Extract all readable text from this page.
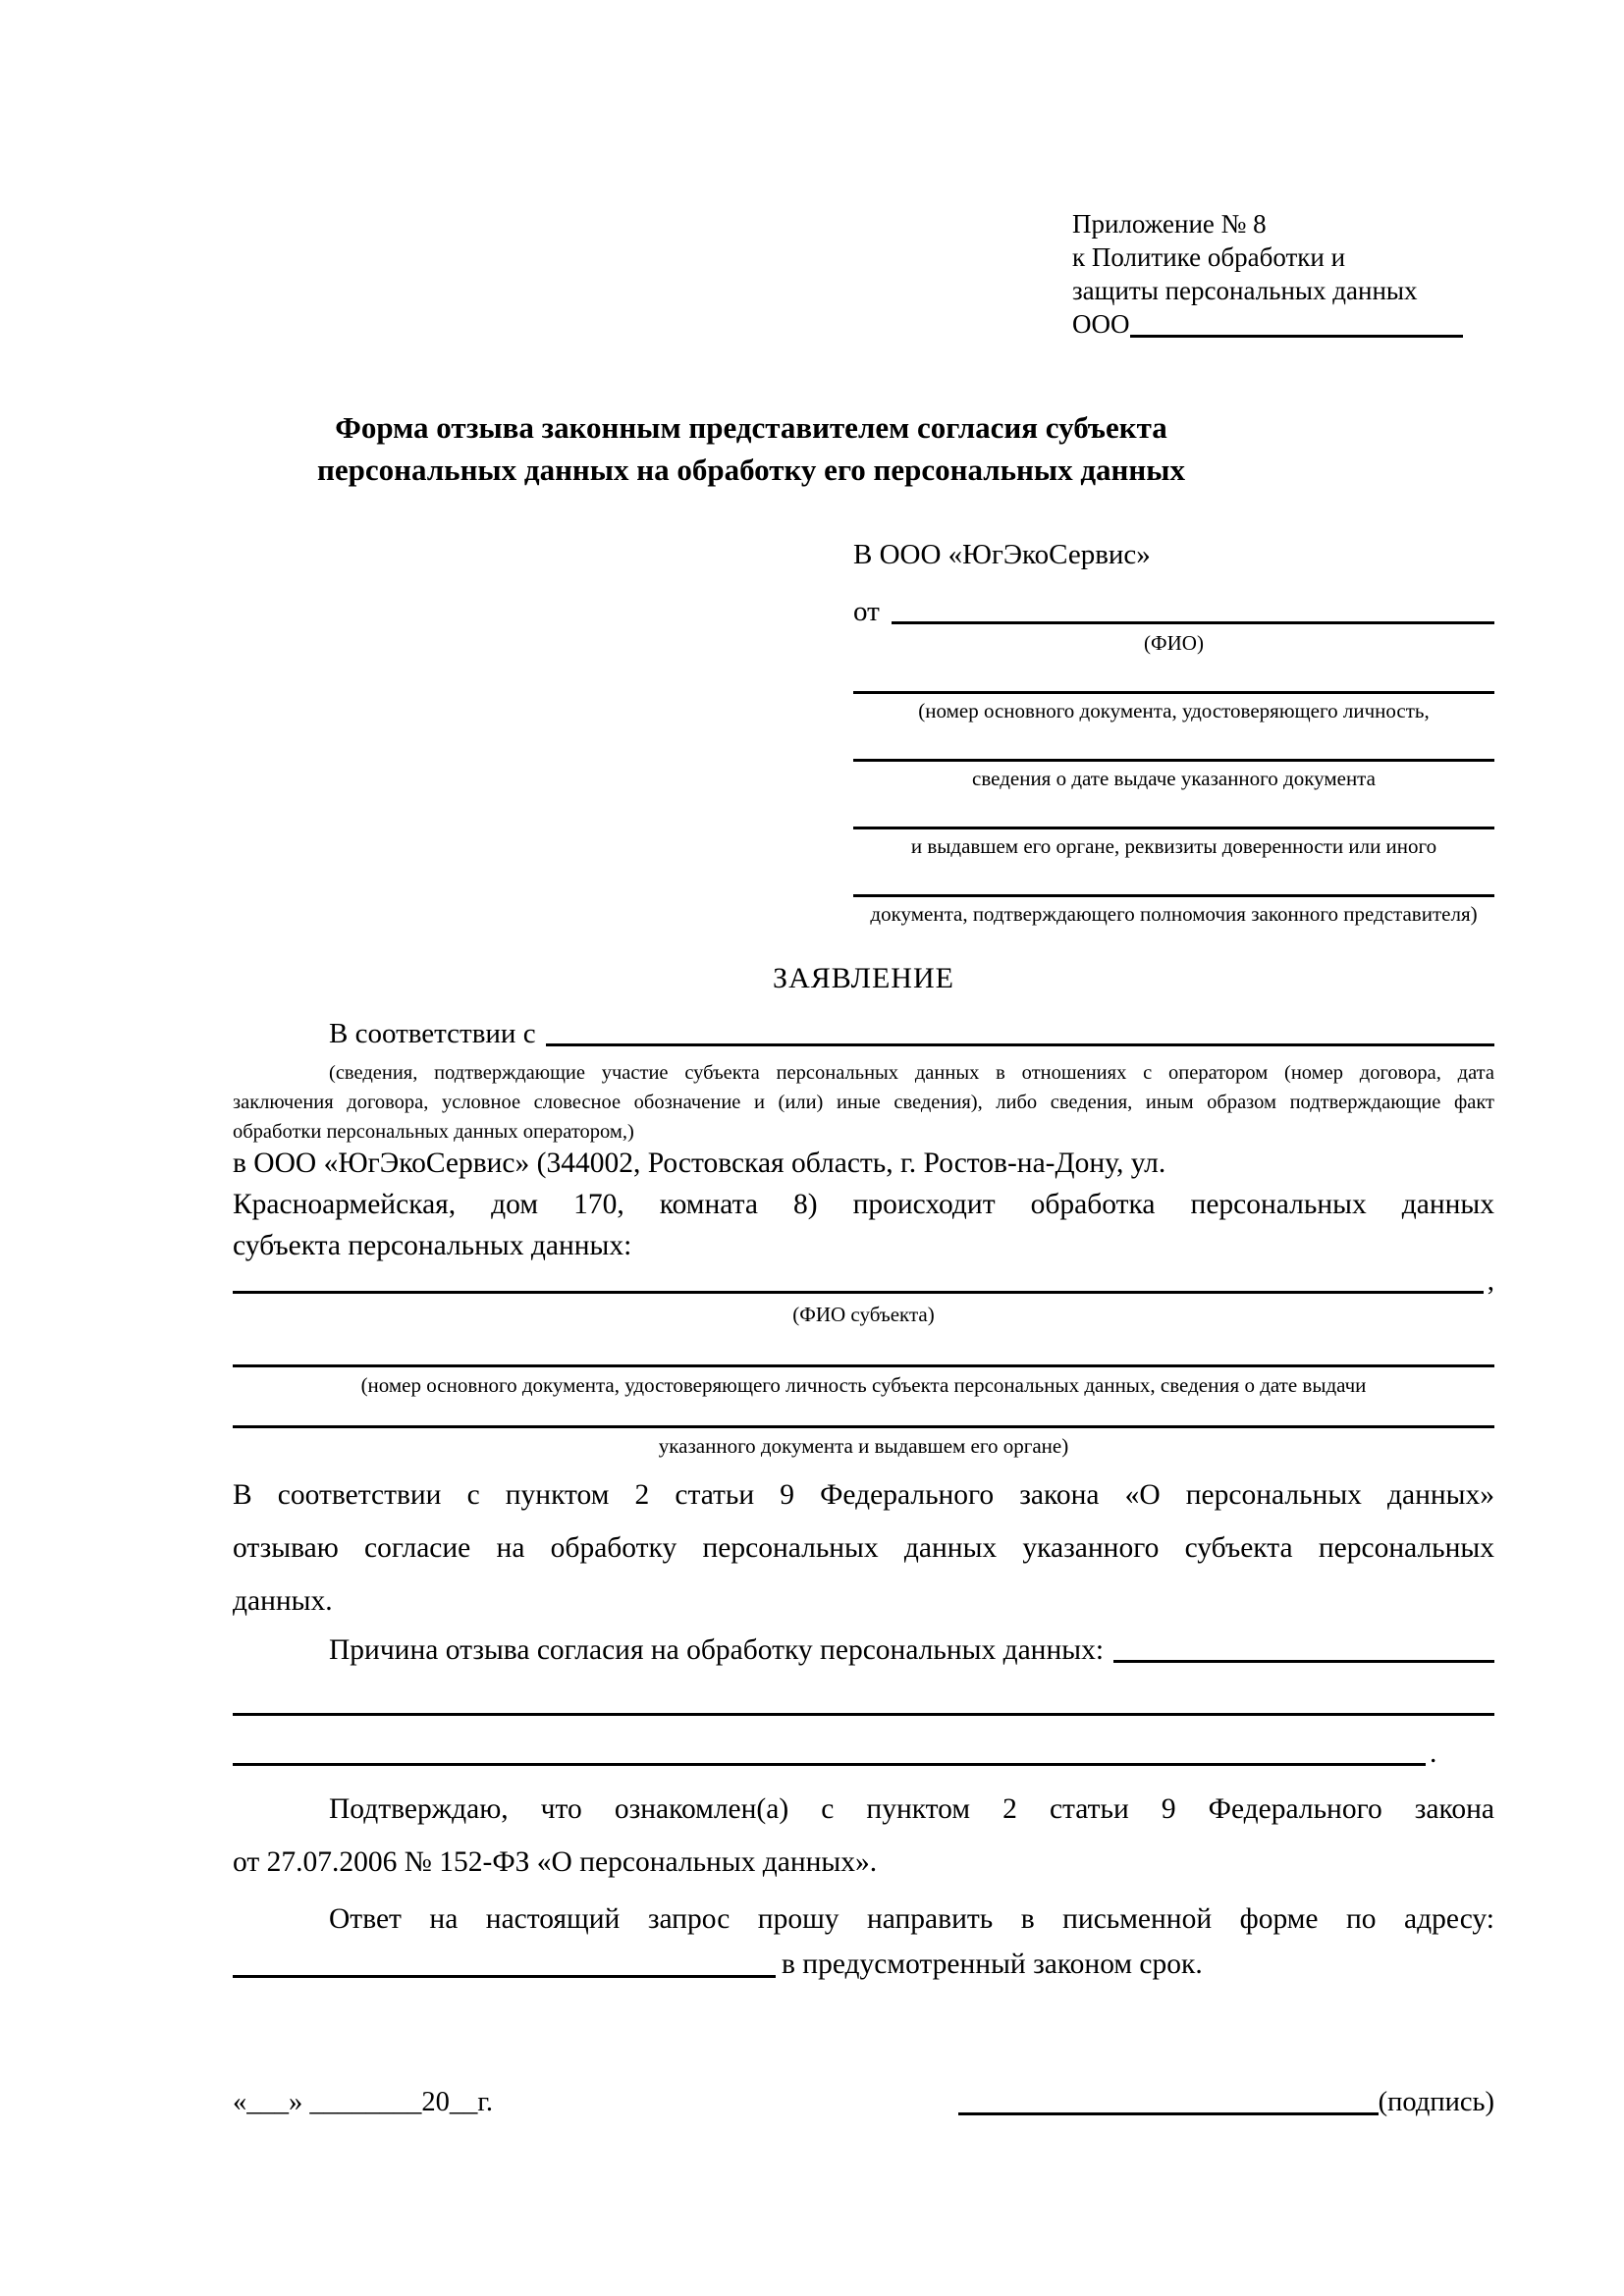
Приложение № 8
к Политике обработки и
защиты персональных данных
ООО
Форма отзыва законным представителем согласия субъекта
персональных данных на обработку его персональных данных
В ООО «ЮгЭкоСервис»
от
(ФИО)
(номер основного документа, удостоверяющего личность,
сведения о дате выдаче указанного документа
и выдавшем его органе, реквизиты доверенности или иного
документа, подтверждающего полномочия законного представителя)
ЗАЯВЛЕНИЕ
В соответствии с
(сведения, подтверждающие участие субъекта персональных данных в отношениях с оператором (номер договора, дата
заключения договора, условное словесное обозначение и (или) иные сведения), либо сведения, иным образом подтверждающие факт
обработки персональных данных оператором,)
в ООО «ЮгЭкоСервис» (344002, Ростовская область, г. Ростов-на-Дону, ул.
Красноармейская, дом 170, комната 8) происходит обработка персональных данных
субъекта персональных данных:
,
(ФИО субъекта)
(номер основного документа, удостоверяющего личность субъекта персональных данных, сведения о дате выдачи
указанного документа и выдавшем его органе)
В соответствии с пунктом 2 статьи 9 Федерального закона «О персональных данных»
отзываю согласие на обработку персональных данных указанного субъекта персональных
данных.
Причина отзыва согласия на обработку персональных данных:
.
Подтверждаю, что ознакомлен(а) с пунктом 2 статьи 9 Федерального закона
от 27.07.2006 № 152-ФЗ «О персональных данных».
Ответ на настоящий запрос прошу направить в письменной форме по адресу:
в предусмотренный законом срок.
«___» ________20__г.	(подпись)
